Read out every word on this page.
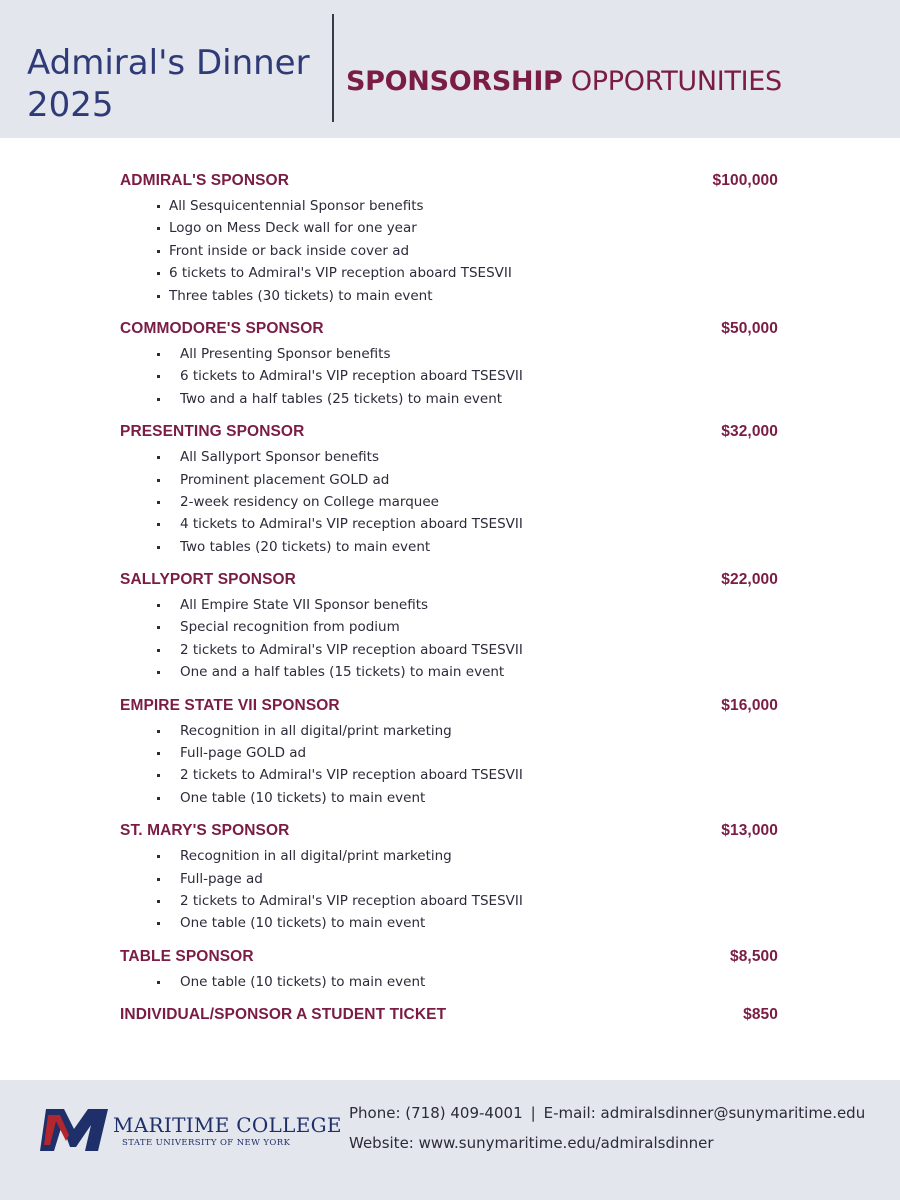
Admiral's Dinner
2025
SPONSORSHIP OPPORTUNITIES
ADMIRAL'S SPONSOR	$100,000
All Sesquicentennial Sponsor benefits
Logo on Mess Deck wall for one year
Front inside or back inside cover ad
6 tickets to Admiral's VIP reception aboard TSESVII
Three tables (30 tickets) to main event
COMMODORE'S SPONSOR	$50,000
All Presenting Sponsor benefits
6 tickets to Admiral's VIP reception aboard TSESVII
Two and a half tables (25 tickets) to main event
PRESENTING SPONSOR	$32,000
All Sallyport Sponsor benefits
Prominent placement GOLD ad
2-week residency on College marquee
4 tickets to Admiral's VIP reception aboard TSESVII
Two tables (20 tickets) to main event
SALLYPORT SPONSOR	$22,000
All Empire State VII Sponsor benefits
Special recognition from podium
2 tickets to Admiral's VIP reception aboard TSESVII
One and a half tables (15 tickets) to main event
EMPIRE STATE VII SPONSOR	$16,000
Recognition in all digital/print marketing
Full-page GOLD ad
2 tickets to Admiral's VIP reception aboard TSESVII
One table (10 tickets) to main event
ST. MARY'S SPONSOR	$13,000
Recognition in all digital/print marketing
Full-page ad
2 tickets to Admiral's VIP reception aboard TSESVII
One table (10 tickets) to main event
TABLE SPONSOR	$8,500
One table (10 tickets) to main event
INDIVIDUAL/SPONSOR A STUDENT TICKET	$850
MARITIME COLLEGE
STATE UNIVERSITY OF NEW YORK
Phone: (718) 409-4001 | E-mail: admiralsdinner@sunymaritime.edu
Website: www.sunymaritime.edu/admiralsdinner
